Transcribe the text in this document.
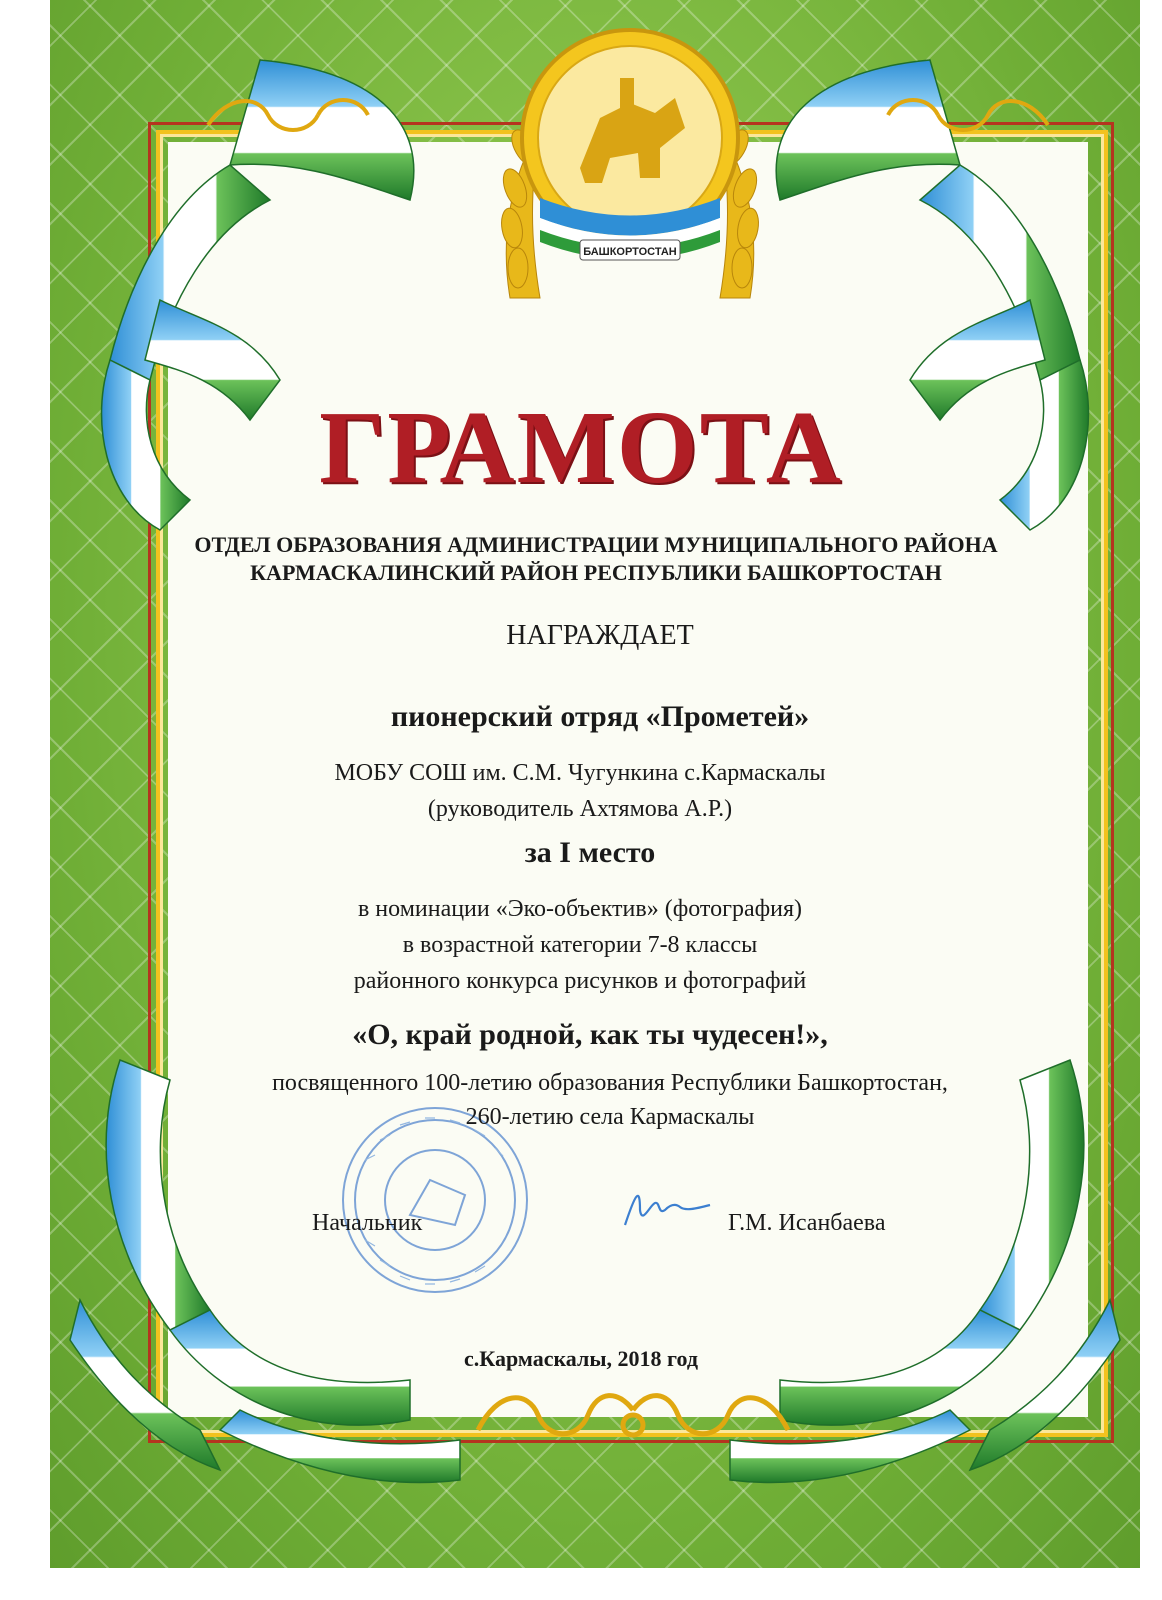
БАШКОРТОСТАН
ГРАМОТА
ОТДЕЛ ОБРАЗОВАНИЯ АДМИНИСТРАЦИИ МУНИЦИПАЛЬНОГО РАЙОНА
КАРМАСКАЛИНСКИЙ РАЙОН РЕСПУБЛИКИ БАШКОРТОСТАН
НАГРАЖДАЕТ
пионерский отряд «Прометей»
МОБУ СОШ им. С.М. Чугункина с.Кармаскалы
(руководитель Ахтямова А.Р.)
за I место
в номинации «Эко-объектив» (фотография)
в возрастной категории 7-8 классы
районного конкурса рисунков и фотографий
«О, край родной, как ты чудесен!»,
посвященного 100-летию образования Республики Башкортостан,
260-летию села Кармаскалы
Начальник	Г.М. Исанбаева
с.Кармаскалы, 2018 год
